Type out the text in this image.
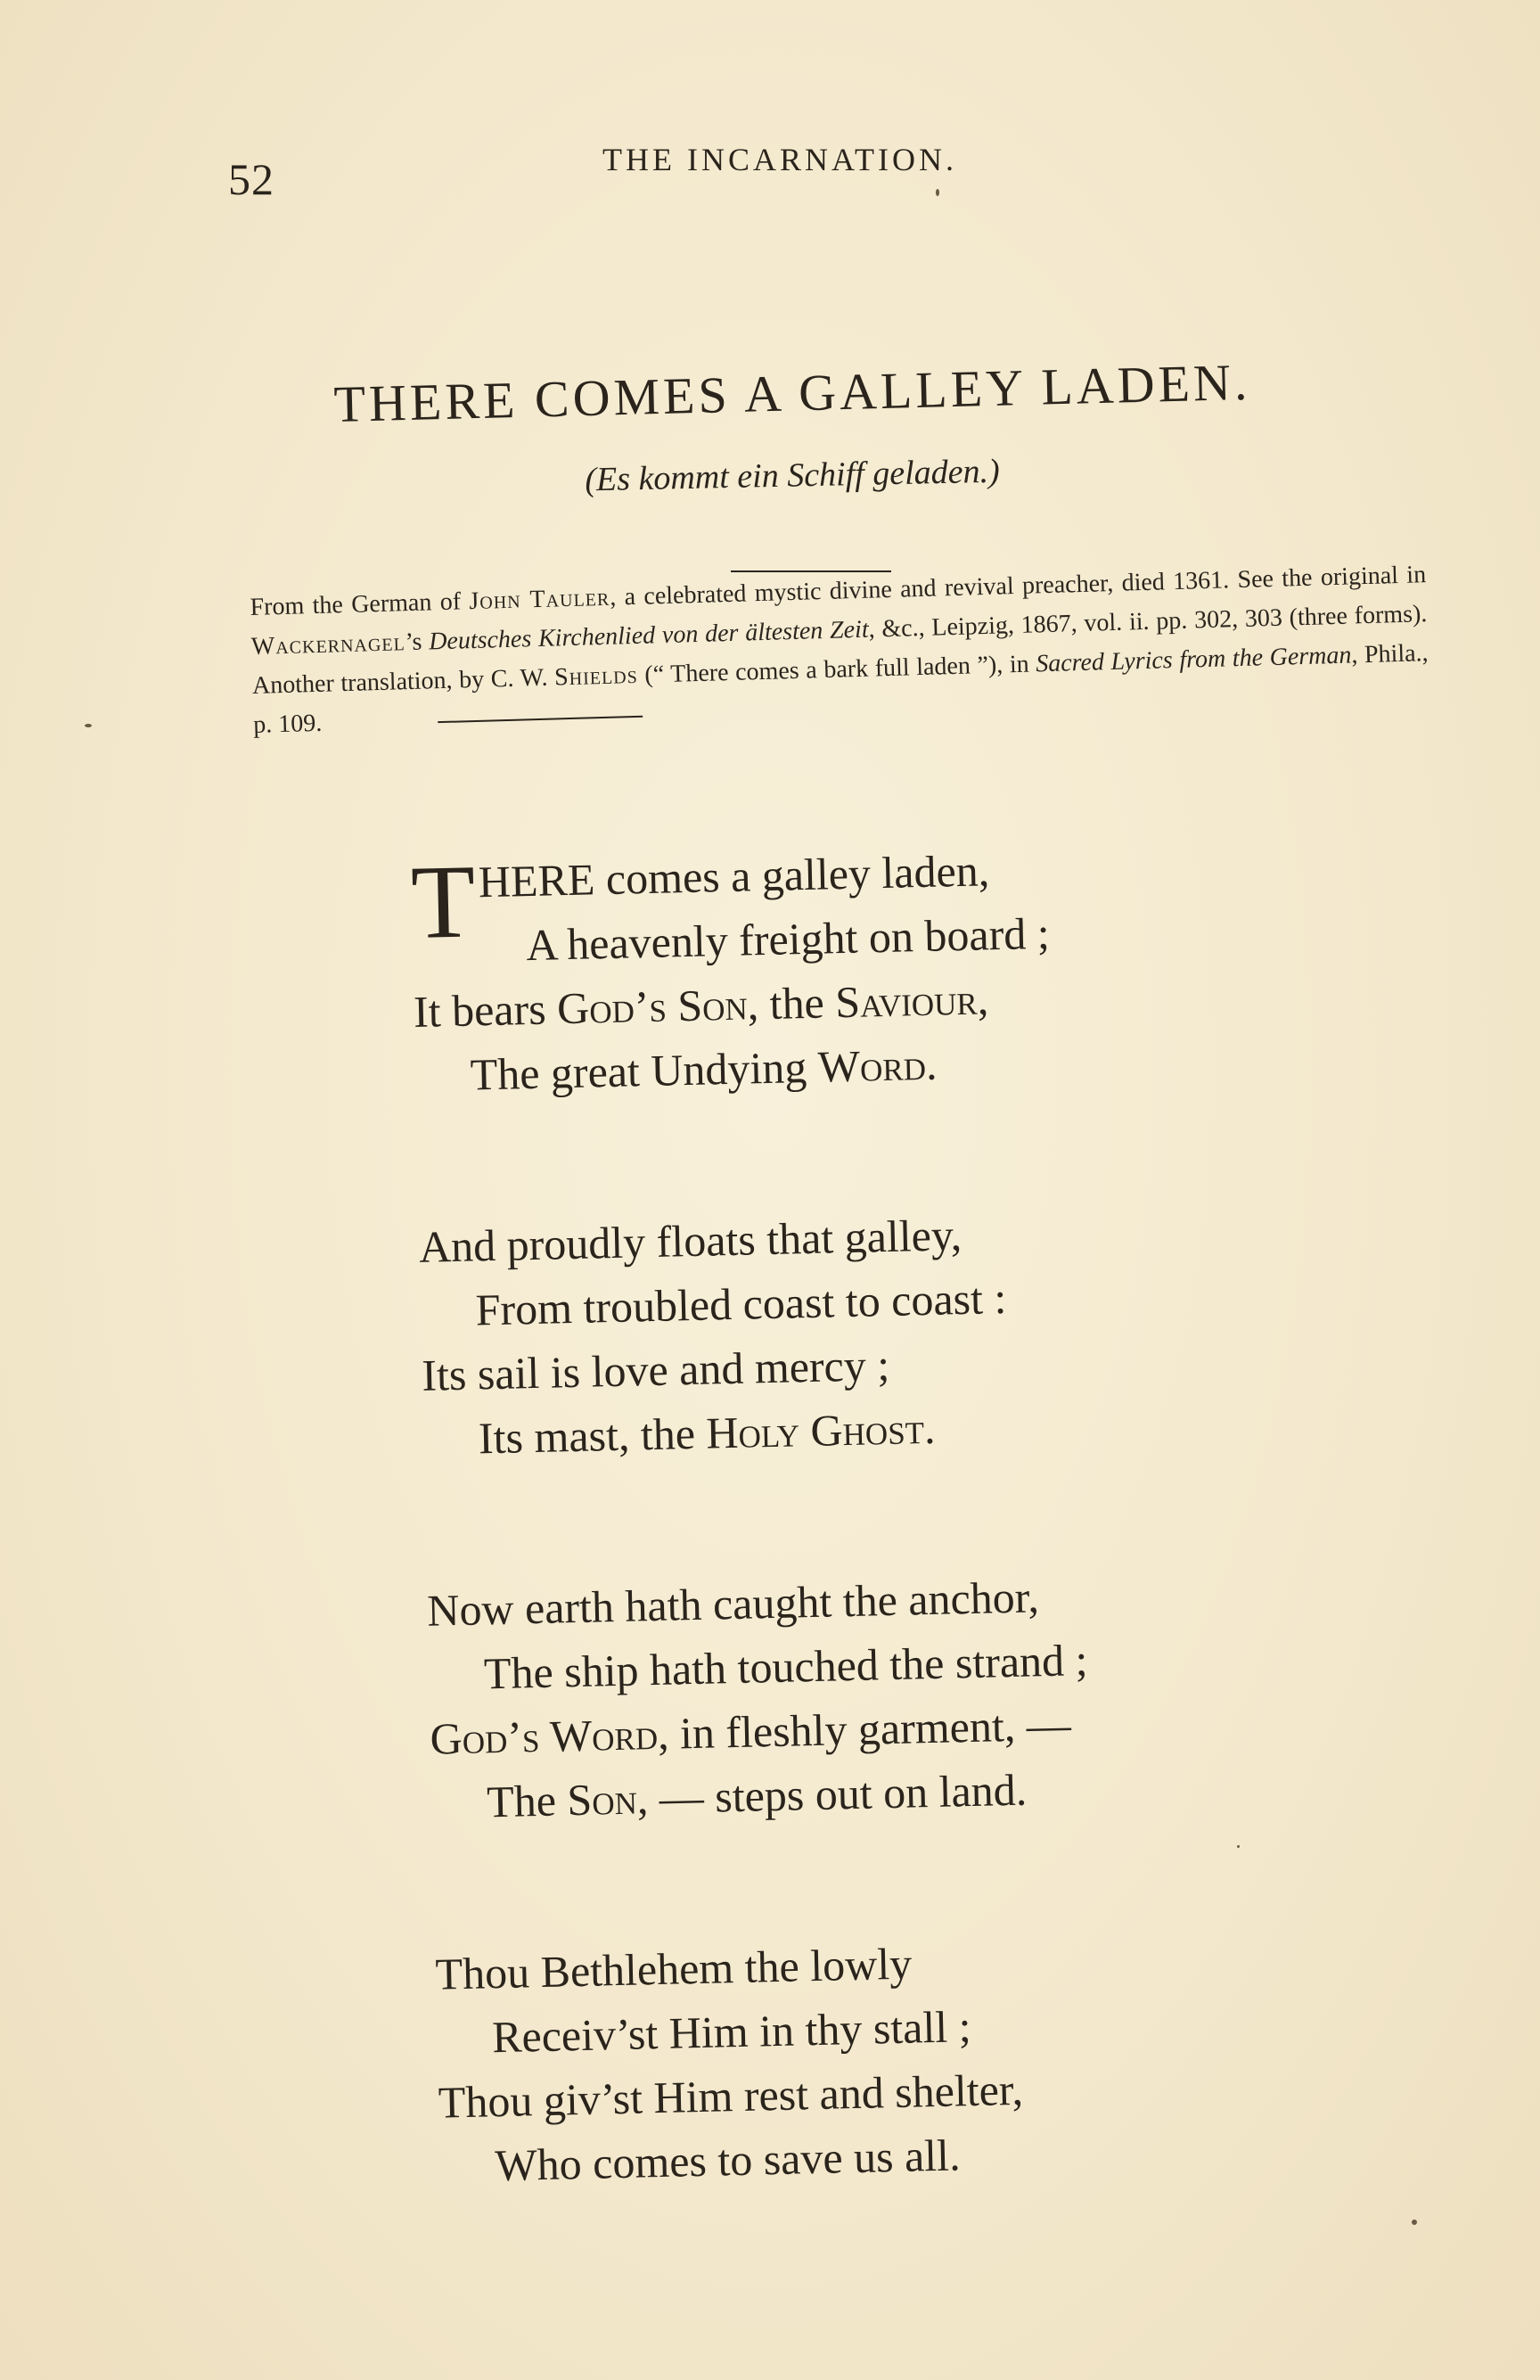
52	THE INCARNATION.
THERE COMES A GALLEY LADEN.
(Es kommt ein Schiff geladen.)
From the German of John Tauler, a celebrated mystic divine and revival preacher, died 1361. See the original in Wackernagel’s Deutsches Kirchenlied von der ältesten Zeit, &c., Leipzig, 1867, vol. ii. pp. 302, 303 (three forms). Another translation, by C. W. Shields (“ There comes a bark full laden ”), in Sacred Lyrics from the German, Phila., p. 109.
T HERE comes a galley laden,
A heavenly freight on board ;
It bears God’s Son, the Saviour,
The great Undying Word.
And proudly floats that galley,
From troubled coast to coast :
Its sail is love and mercy ;
Its mast, the Holy Ghost.
Now earth hath caught the anchor,
The ship hath touched the strand ;
God’s Word, in fleshly garment, —
The Son, — steps out on land.
Thou Bethlehem the lowly
Receiv’st Him in thy stall ;
Thou giv’st Him rest and shelter,
Who comes to save us all.
